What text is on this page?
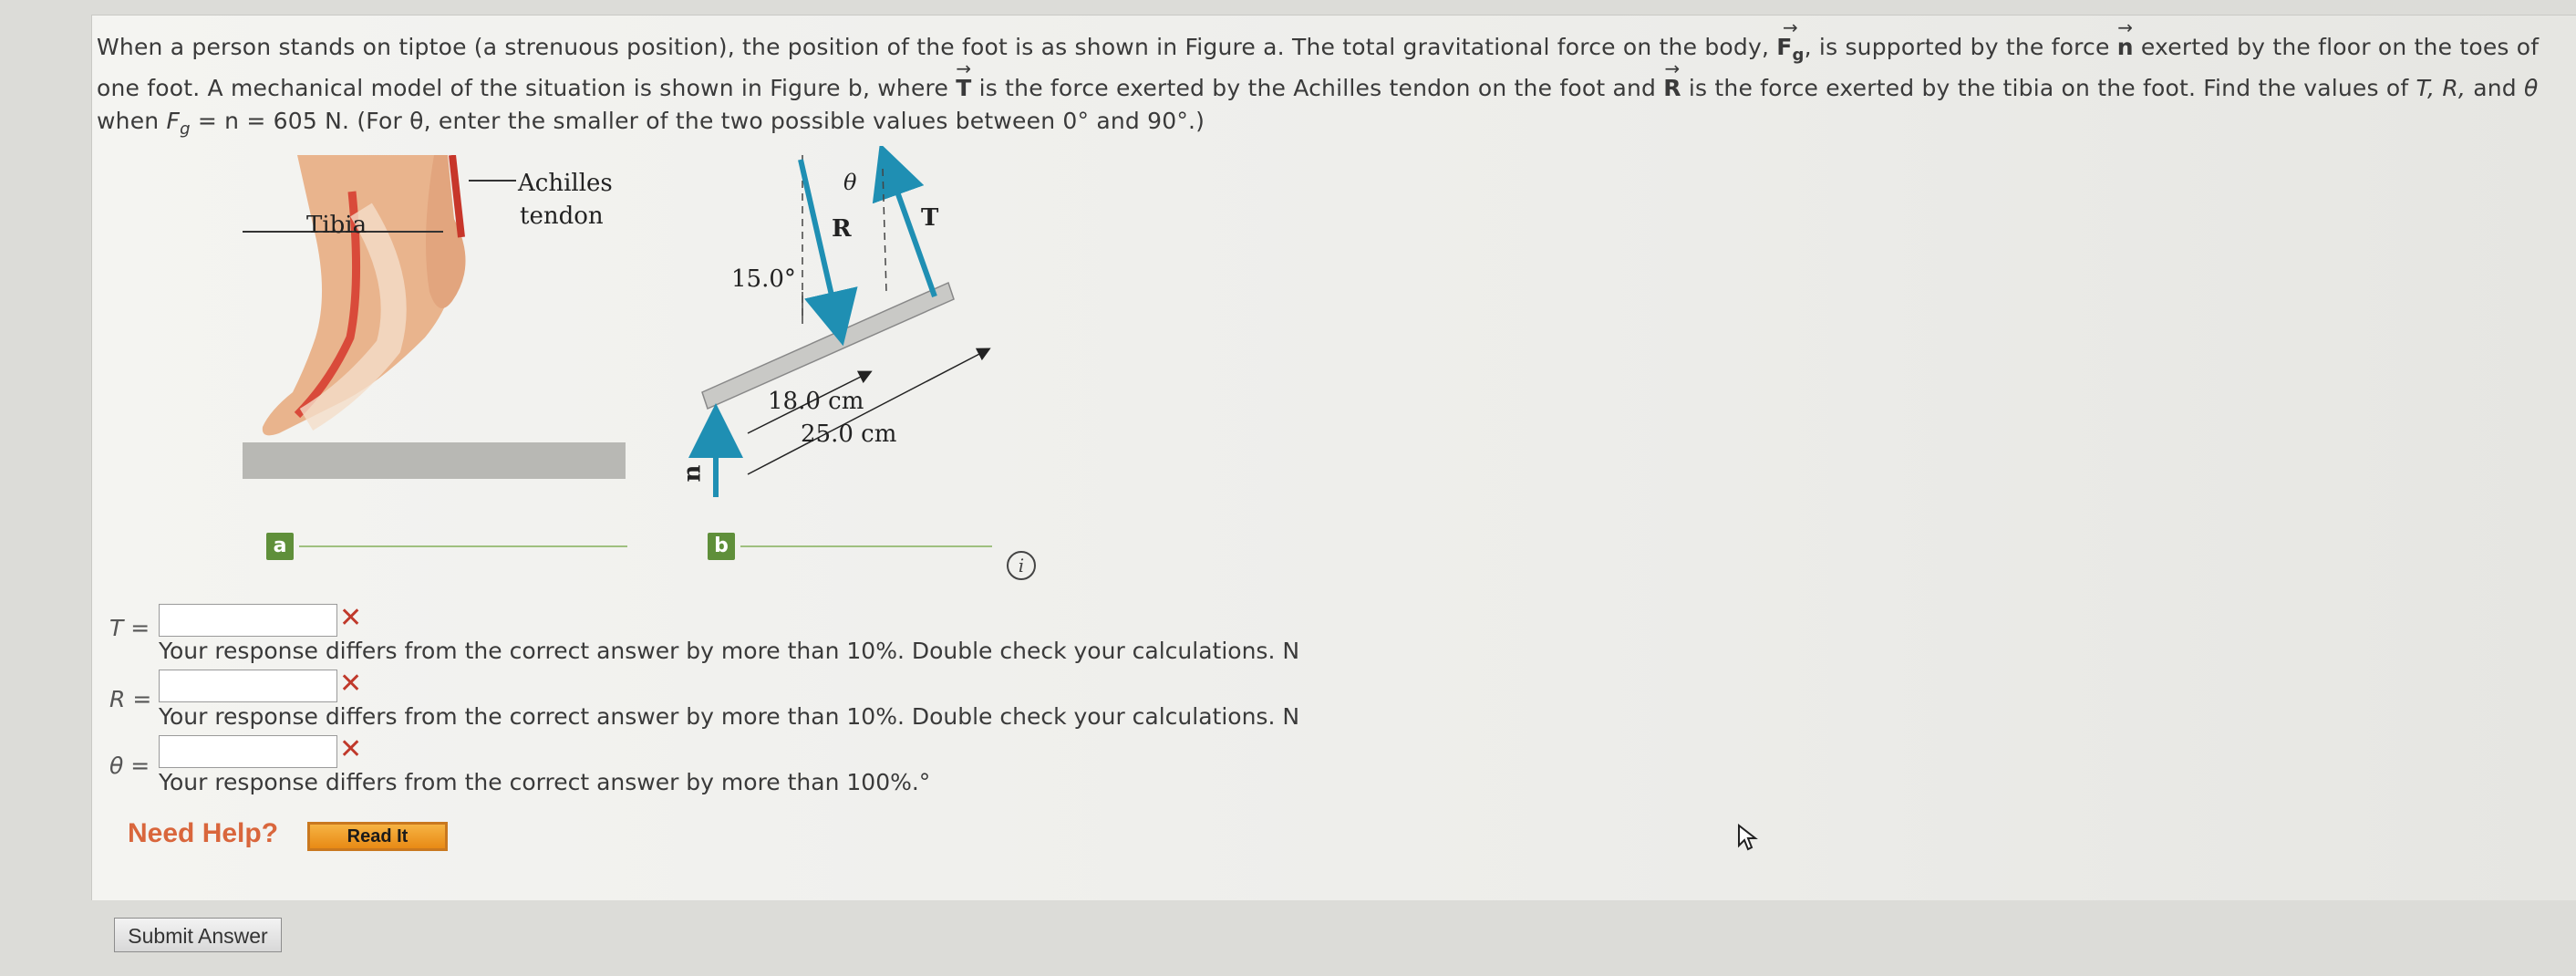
When a person stands on tiptoe (a strenuous position), the position of the foot is as shown in Figure a. The total gravitational force on the body, → $F_g$, is supported by the force → n exerted by the floor on the toes of one foot. A mechanical model of the situation is shown in Figure b, where → T is the force exerted by the Achilles tendon on the foot and → R is the force exerted by the tibia on the foot. Find the values of T, R, and θ when $F_g = n = 605$ N. (For θ, enter the smaller of the two possible values between 0° and 90°.)
Tibia
Achilles
tendon
a
15.0°
θ
R	T
n
18.0 cm
25.0 cm
b
i
T =	✕
Your response differs from the correct answer by more than 10%. Double check your calculations. N
R =	✕
Your response differs from the correct answer by more than 10%. Double check your calculations. N
θ =
✕
Your response differs from the correct answer by more than 100%.°
Need Help?	Read It
Submit Answer
